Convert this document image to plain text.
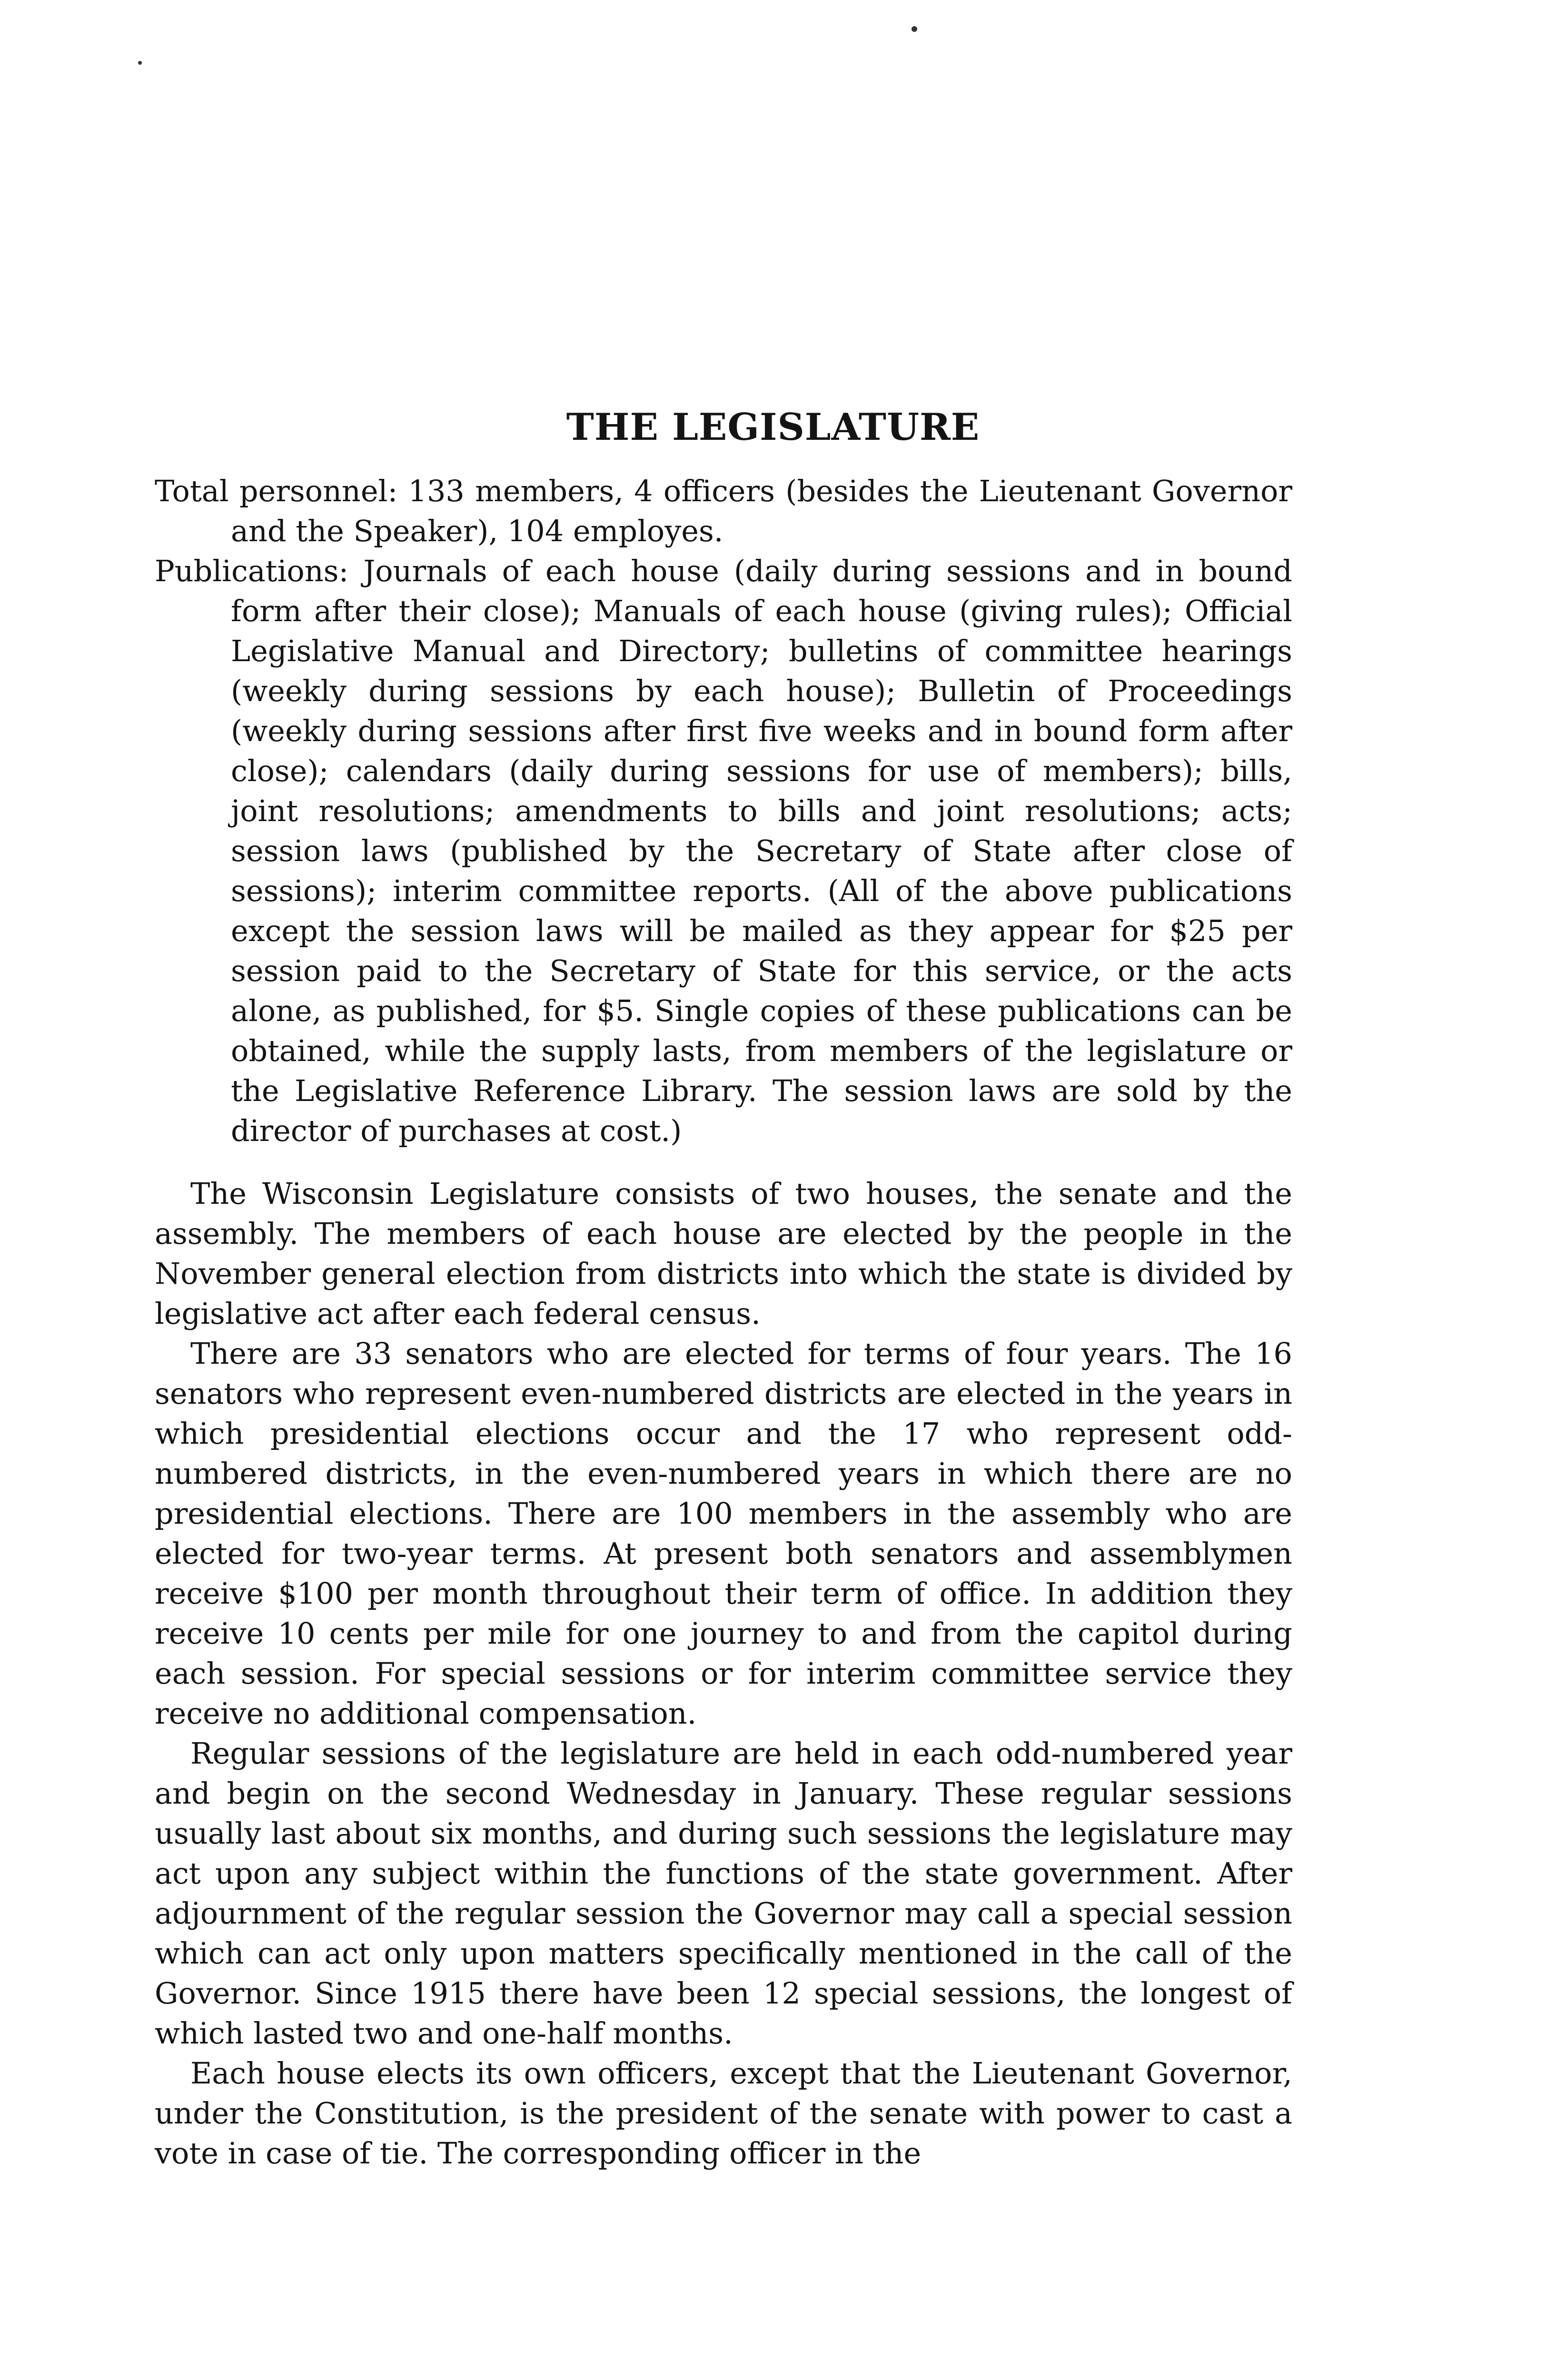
THE LEGISLATURE

Total personnel: 133 members, 4 officers (besides the Lieutenant Governor and the Speaker), 104 employes.

Publications: Journals of each house (daily during sessions and in bound form after their close); Manuals of each house (giving rules); Official Legislative Manual and Directory; bulletins of committee hearings (weekly during sessions by each house); Bulletin of Proceedings (weekly during sessions after first five weeks and in bound form after close); calendars (daily during sessions for use of members); bills, joint resolutions; amendments to bills and joint resolutions; acts; session laws (published by the Secretary of State after close of sessions); interim committee reports. (All of the above publications except the session laws will be mailed as they appear for $25 per session paid to the Secretary of State for this service, or the acts alone, as published, for $5. Single copies of these publications can be obtained, while the supply lasts, from members of the legislature or the Legislative Reference Library. The session laws are sold by the director of purchases at cost.)

The Wisconsin Legislature consists of two houses, the senate and the assembly. The members of each house are elected by the people in the November general election from districts into which the state is divided by legislative act after each federal census.

There are 33 senators who are elected for terms of four years. The 16 senators who represent even-numbered districts are elected in the years in which presidential elections occur and the 17 who represent odd-numbered districts, in the even-numbered years in which there are no presidential elections. There are 100 members in the assembly who are elected for two-year terms. At present both senators and assemblymen receive $100 per month throughout their term of office. In addition they receive 10 cents per mile for one journey to and from the capitol during each session. For special sessions or for interim committee service they receive no additional compensation.

Regular sessions of the legislature are held in each odd-numbered year and begin on the second Wednesday in January. These regular sessions usually last about six months, and during such sessions the legislature may act upon any subject within the functions of the state government. After adjournment of the regular session the Governor may call a special session which can act only upon matters specifically mentioned in the call of the Governor. Since 1915 there have been 12 special sessions, the longest of which lasted two and one-half months.

Each house elects its own officers, except that the Lieutenant Governor, under the Constitution, is the president of the senate with power to cast a vote in case of tie. The corresponding officer in the
